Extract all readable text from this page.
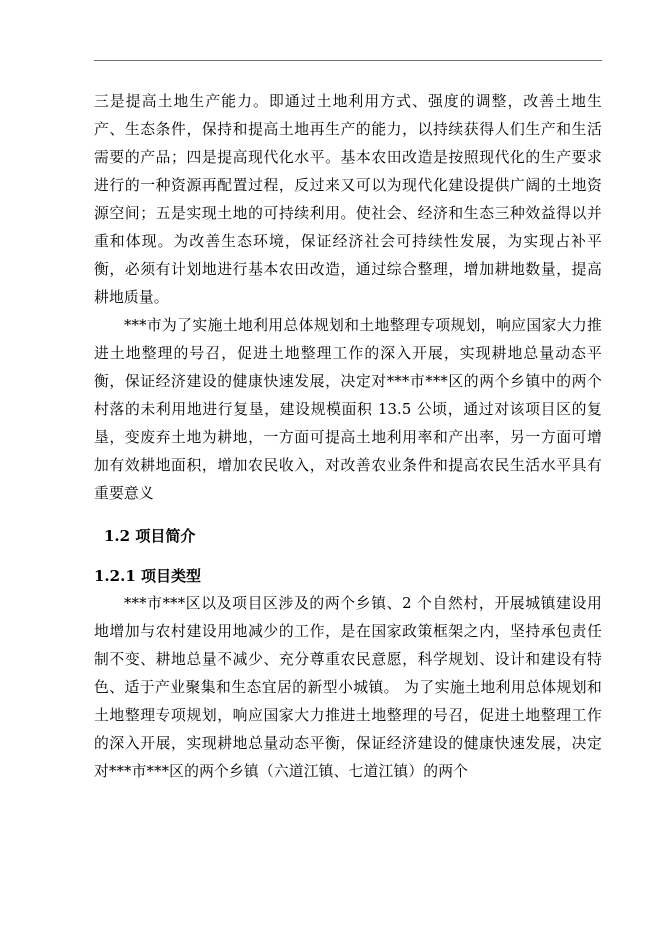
三是提高土地生产能力。即通过土地利用方式、强度的调整，改善土地生产、生态条件，保持和提高土地再生产的能力，以持续获得人们生产和生活需要的产品；四是提高现代化水平。基本农田改造是按照现代化的生产要求进行的一种资源再配置过程，反过来又可以为现代化建设提供广阔的土地资源空间；五是实现土地的可持续利用。使社会、经济和生态三种效益得以并重和体现。为改善生态环境，保证经济社会可持续性发展，为实现占补平衡，必须有计划地进行基本农田改造，通过综合整理，增加耕地数量，提高耕地质量。

***市为了实施土地利用总体规划和土地整理专项规划，响应国家大力推进土地整理的号召，促进土地整理工作的深入开展，实现耕地总量动态平衡，保证经济建设的健康快速发展，决定对***市***区的两个乡镇中的两个村落的未利用地进行复垦，建设规模面积 13.5 公顷，通过对该项目区的复垦，变废弃土地为耕地，一方面可提高土地利用率和产出率，另一方面可增加有效耕地面积，增加农民收入，对改善农业条件和提高农民生活水平具有重要意义

1.2 项目简介
1.2.1 项目类型

***市***区以及项目区涉及的两个乡镇、2 个自然村，开展城镇建设用地增加与农村建设用地减少的工作，是在国家政策框架之内，坚持承包责任制不变、耕地总量不减少、充分尊重农民意愿，科学规划、设计和建设有特色、适于产业聚集和生态宜居的新型小城镇。 为了实施土地利用总体规划和土地整理专项规划，响应国家大力推进土地整理的号召，促进土地整理工作的深入开展，实现耕地总量动态平衡，保证经济建设的健康快速发展，决定对***市***区的两个乡镇（六道江镇、七道江镇）的两个
